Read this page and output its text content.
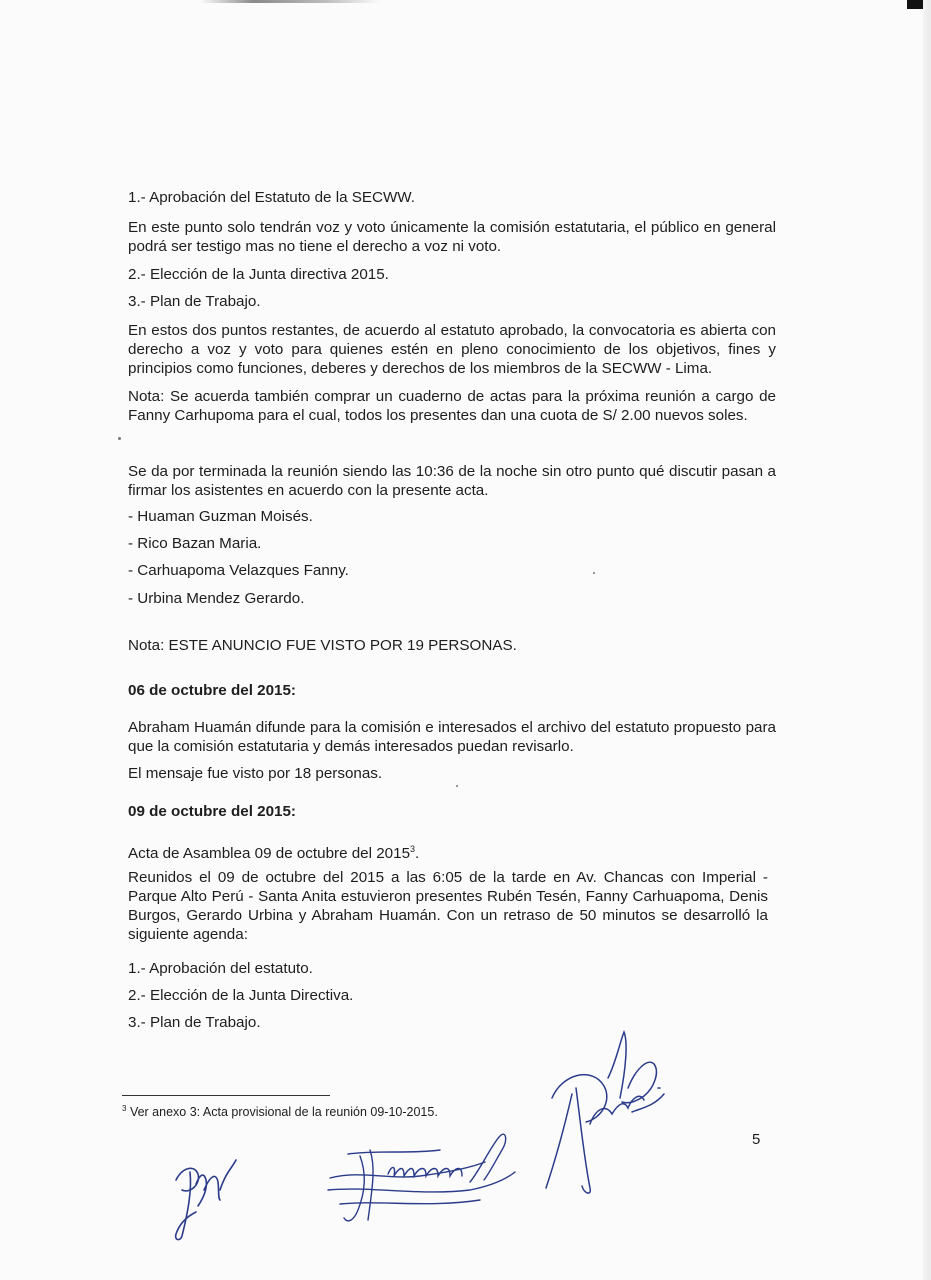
1.- Aprobación del Estatuto de la SECWW.

En este punto solo tendrán voz y voto únicamente la comisión estatutaria, el público en general podrá ser testigo mas no tiene el derecho a voz ni voto.

2.- Elección de la Junta directiva 2015.

3.- Plan de Trabajo.

En estos dos puntos restantes, de acuerdo al estatuto aprobado, la convocatoria es abierta con derecho a voz y voto para quienes estén en pleno conocimiento de los objetivos, fines y principios como funciones, deberes y derechos de los miembros de la SECWW - Lima.

Nota: Se acuerda también comprar un cuaderno de actas para la próxima reunión a cargo de Fanny Carhupoma para el cual, todos los presentes dan una cuota de S/ 2.00 nuevos soles.

Se da por terminada la reunión siendo las 10:36 de la noche sin otro punto qué discutir pasan a firmar los asistentes en acuerdo con la presente acta.

- Huaman Guzman Moisés.

- Rico Bazan Maria.

- Carhuapoma Velazques Fanny.

- Urbina Mendez Gerardo.

Nota: ESTE ANUNCIO FUE VISTO POR 19 PERSONAS.

06 de octubre del 2015:

Abraham Huamán difunde para la comisión e interesados el archivo del estatuto propuesto para que la comisión estatutaria y demás interesados puedan revisarlo.

El mensaje fue visto por 18 personas.

09 de octubre del 2015:

Acta de Asamblea 09 de octubre del 2015$^3$.

Reunidos el 09 de octubre del 2015 a las 6:05 de la tarde en Av. Chancas con Imperial - Parque Alto Perú - Santa Anita estuvieron presentes Rubén Tesén, Fanny Carhuapoma, Denis Burgos, Gerardo Urbina y Abraham Huamán. Con un retraso de 50 minutos se desarrolló la siguiente agenda:

1.- Aprobación del estatuto.

2.- Elección de la Junta Directiva.

3.- Plan de Trabajo.

$^3$ Ver anexo 3: Acta provisional de la reunión 09-10-2015.

5
